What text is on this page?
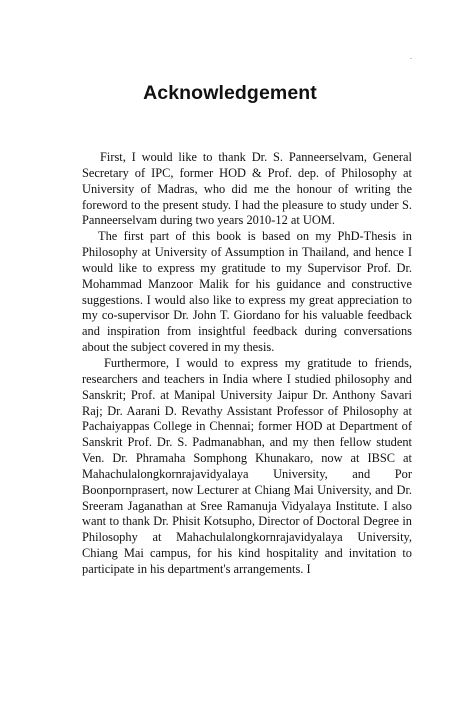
.
Acknowledgement

First, I would like to thank Dr. S. Panneerselvam, General Secretary of IPC, former HOD & Prof. dep. of Philosophy at University of Madras, who did me the honour of writing the foreword to the present study. I had the pleasure to study under S. Panneerselvam during two years 2010-12 at UOM.

The first part of this book is based on my PhD-Thesis in Philosophy at University of Assumption in Thailand, and hence I would like to express my gratitude to my Supervisor Prof. Dr. Mohammad Manzoor Malik for his guidance and constructive suggestions. I would also like to express my great appreciation to my co-supervisor Dr. John T. Giordano for his valuable feedback and inspiration from insightful feedback during conversations about the subject covered in my thesis.

Furthermore, I would to express my gratitude to friends, researchers and teachers in India where I studied philosophy and Sanskrit; Prof. at Manipal University Jaipur Dr. Anthony Savari Raj; Dr. Aarani D. Revathy Assistant Professor of Philosophy at Pachaiyappas College in Chennai; former HOD at Department of Sanskrit Prof. Dr. S. Padmanabhan, and my then fellow student Ven. Dr. Phramaha Somphong Khunakaro, now at IBSC at Mahachulalongkornrajavidyalaya University, and Por Boonpornprasert, now Lecturer at Chiang Mai University, and Dr. Sreeram Jaganathan at Sree Ramanuja Vidyalaya Institute. I also want to thank Dr. Phisit Kotsupho, Director of Doctoral Degree in Philosophy at Mahachulalongkornrajavidyalaya University, Chiang Mai campus, for his kind hospitality and invitation to participate in his department's arrangements. I
